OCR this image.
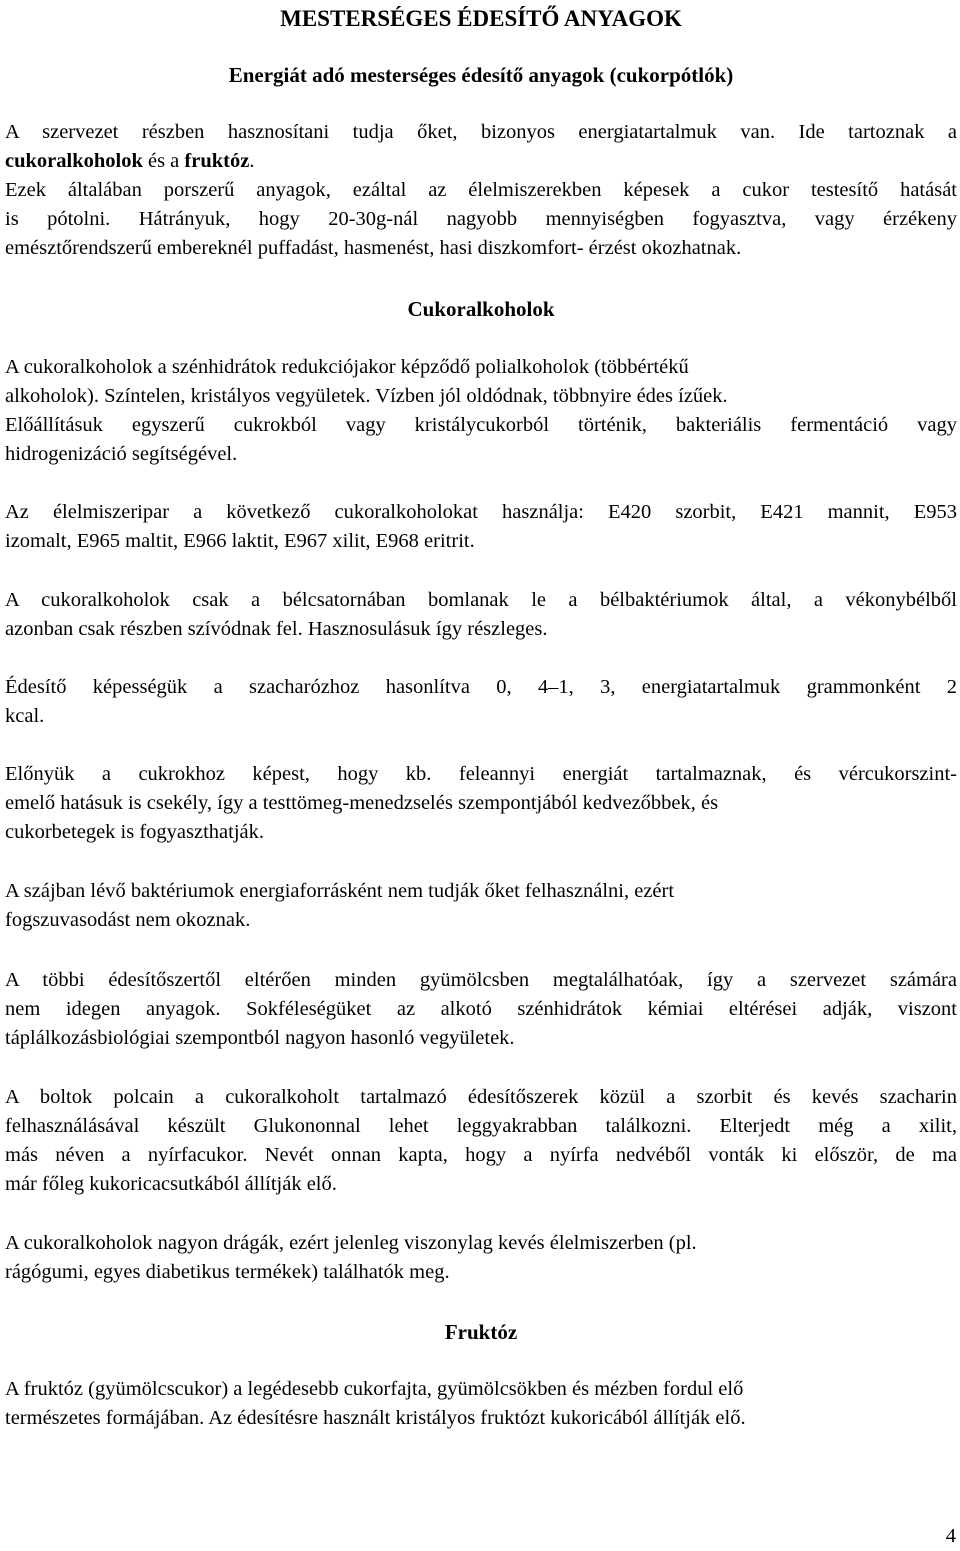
MESTERSÉGES ÉDESÍTŐ ANYAGOK
Energiát adó mesterséges édesítő anyagok (cukorpótlók)
A szervezet részben hasznosítani tudja őket, bizonyos energiatartalmuk van. Ide tartoznak a
cukoralkoholok és a fruktóz.
Ezek általában porszerű anyagok, ezáltal az élelmiszerekben képesek a cukor testesítő hatását
is pótolni. Hátrányuk, hogy 20-30g-nál nagyobb mennyiségben fogyasztva, vagy érzékeny
emésztőrendszerű embereknél puffadást, hasmenést, hasi diszkomfort- érzést okozhatnak.
Cukoralkoholok
A cukoralkoholok a szénhidrátok redukciójakor képződő polialkoholok (többértékű
alkoholok). Színtelen, kristályos vegyületek. Vízben jól oldódnak, többnyire édes ízűek.
Előállításuk egyszerű cukrokból vagy kristálycukorból történik, bakteriális fermentáció vagy
hidrogenizáció segítségével.
Az élelmiszeripar a következő cukoralkoholokat használja: E420 szorbit, E421 mannit, E953
izomalt, E965 maltit, E966 laktit, E967 xilit, E968 eritrit.
A cukoralkoholok csak a bélcsatornában bomlanak le a bélbaktériumok által, a vékonybélből
azonban csak részben szívódnak fel. Hasznosulásuk így részleges.
Édesítő képességük a szacharózhoz hasonlítva 0, 4–1, 3, energiatartalmuk grammonként 2
kcal.
Előnyük a cukrokhoz képest, hogy kb. feleannyi energiát tartalmaznak, és vércukorszint-
emelő hatásuk is csekély, így a testtömeg-menedzselés szempontjából kedvezőbbek, és
cukorbetegek is fogyaszthatják.
A szájban lévő baktériumok energiaforrásként nem tudják őket felhasználni, ezért
fogszuvasodást nem okoznak.
A többi édesítőszertől eltérően minden gyümölcsben megtalálhatóak, így a szervezet számára
nem idegen anyagok. Sokféleségüket az alkotó szénhidrátok kémiai eltérései adják, viszont
táplálkozásbiológiai szempontból nagyon hasonló vegyületek.
A boltok polcain a cukoralkoholt tartalmazó édesítőszerek közül a szorbit és kevés szacharin
felhasználásával készült Glukononnal lehet leggyakrabban találkozni. Elterjedt még a xilit,
más néven a nyírfacukor. Nevét onnan kapta, hogy a nyírfa nedvéből vonták ki először, de ma
már főleg kukoricacsutkából állítják elő.
A cukoralkoholok nagyon drágák, ezért jelenleg viszonylag kevés élelmiszerben (pl.
rágógumi, egyes diabetikus termékek) találhatók meg.
Fruktóz
A fruktóz (gyümölcscukor) a legédesebb cukorfajta, gyümölcsökben és mézben fordul elő
természetes formájában. Az édesítésre használt kristályos fruktózt kukoricából állítják elő.
4
